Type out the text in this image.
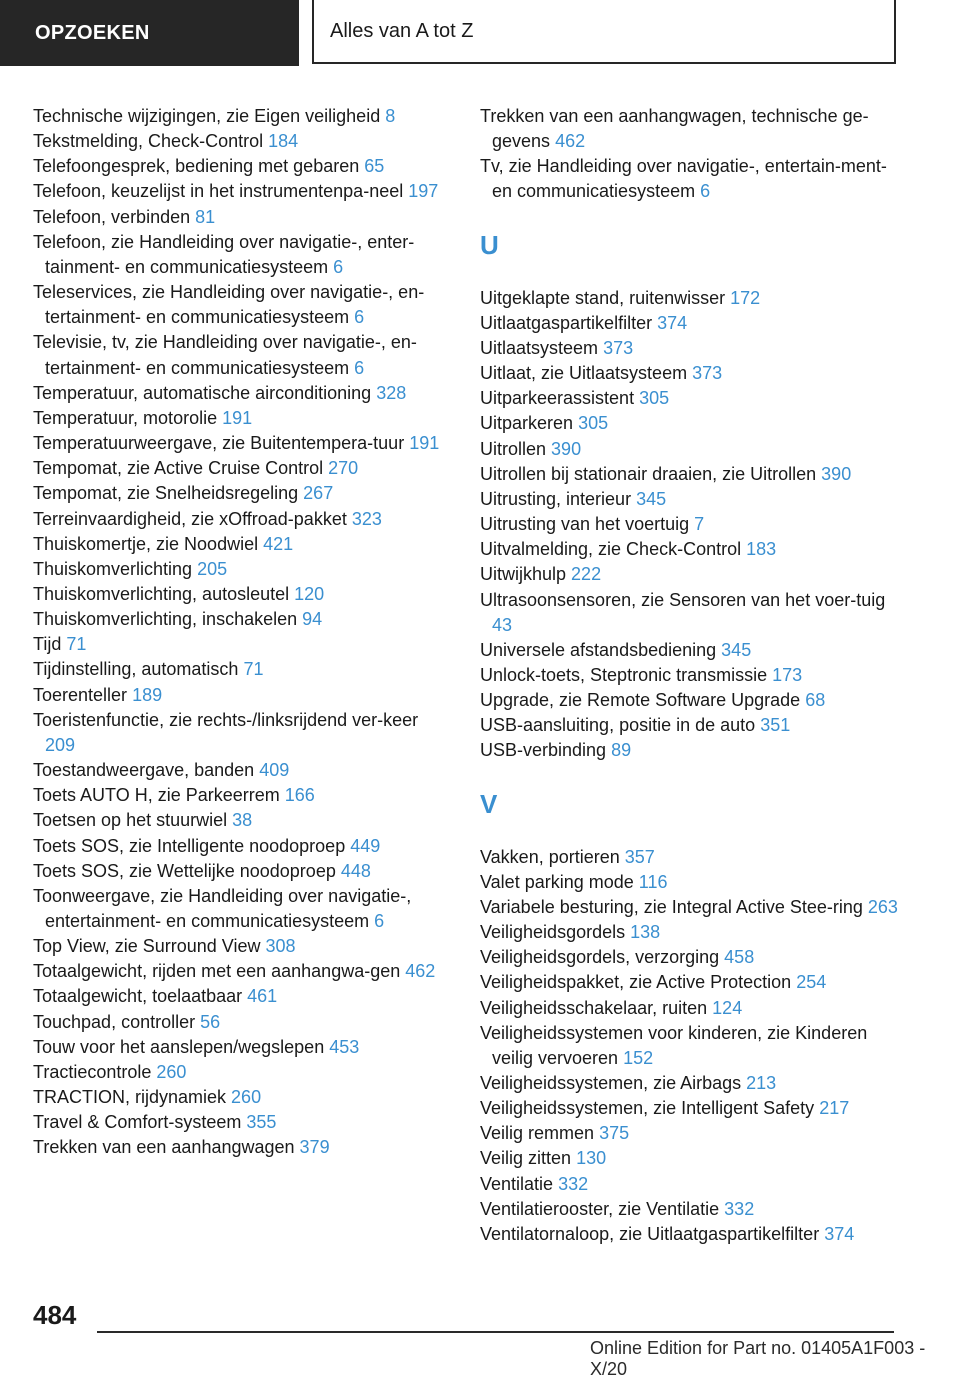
OPZOEKEN	Alles van A tot Z
Technische wijzigingen, zie Eigen veiligheid 8
Tekstmelding, Check-Control 184
Telefoongesprek, bediening met gebaren 65
Telefoon, keuzelijst in het instrumentenpa‐neel 197
Telefoon, verbinden 81
Telefoon, zie Handleiding over navigatie-, enter‐tainment- en communicatiesysteem 6
Teleservices, zie Handleiding over navigatie-, en‐tertainment- en communicatiesysteem 6
Televisie, tv, zie Handleiding over navigatie-, en‐tertainment- en communicatiesysteem 6
Temperatuur, automatische airconditioning 328
Temperatuur, motorolie 191
Temperatuurweergave, zie Buitentempera‐tuur 191
Tempomat, zie Active Cruise Control 270
Tempomat, zie Snelheidsregeling 267
Terreinvaardigheid, zie xOffroad-pakket 323
Thuiskomertje, zie Noodwiel 421
Thuiskomverlichting 205
Thuiskomverlichting, autosleutel 120
Thuiskomverlichting, inschakelen 94
Tijd 71
Tijdinstelling, automatisch 71
Toerenteller 189
Toeristenfunctie, zie rechts-/linksrijdend ver‐keer 209
Toestandweergave, banden 409
Toets AUTO H, zie Parkeerrem 166
Toetsen op het stuurwiel 38
Toets SOS, zie Intelligente noodoproep 449
Toets SOS, zie Wettelijke noodoproep 448
Toonweergave, zie Handleiding over navigatie-, entertainment- en communicatiesysteem 6
Top View, zie Surround View 308
Totaalgewicht, rijden met een aanhangwa‐gen 462
Totaalgewicht, toelaatbaar 461
Touchpad, controller 56
Touw voor het aanslepen/wegslepen 453
Tractiecontrole 260
TRACTION, rijdynamiek 260
Travel & Comfort-systeem 355
Trekken van een aanhangwagen 379
Trekken van een aanhangwagen, technische ge‐gevens 462
Tv, zie Handleiding over navigatie-, entertain‐ment- en communicatiesysteem 6
U
Uitgeklapte stand, ruitenwisser 172
Uitlaatgaspartikelfilter 374
Uitlaatsysteem 373
Uitlaat, zie Uitlaatsysteem 373
Uitparkeerassistent 305
Uitparkeren 305
Uitrollen 390
Uitrollen bij stationair draaien, zie Uitrollen 390
Uitrusting, interieur 345
Uitrusting van het voertuig 7
Uitvalmelding, zie Check-Control 183
Uitwijkhulp 222
Ultrasoonsensoren, zie Sensoren van het voer‐tuig 43
Universele afstandsbediening 345
Unlock-toets, Steptronic transmissie 173
Upgrade, zie Remote Software Upgrade 68
USB-aansluiting, positie in de auto 351
USB-verbinding 89
V
Vakken, portieren 357
Valet parking mode 116
Variabele besturing, zie Integral Active Stee‐ring 263
Veiligheidsgordels 138
Veiligheidsgordels, verzorging 458
Veiligheidspakket, zie Active Protection 254
Veiligheidsschakelaar, ruiten 124
Veiligheidssystemen voor kinderen, zie Kinderen veilig vervoeren 152
Veiligheidssystemen, zie Airbags 213
Veiligheidssystemen, zie Intelligent Safety 217
Veilig remmen 375
Veilig zitten 130
Ventilatie 332
Ventilatierooster, zie Ventilatie 332
Ventilatornaloop, zie Uitlaatgaspartikelfilter 374
484
Online Edition for Part no. 01405A1F003 - X/20
